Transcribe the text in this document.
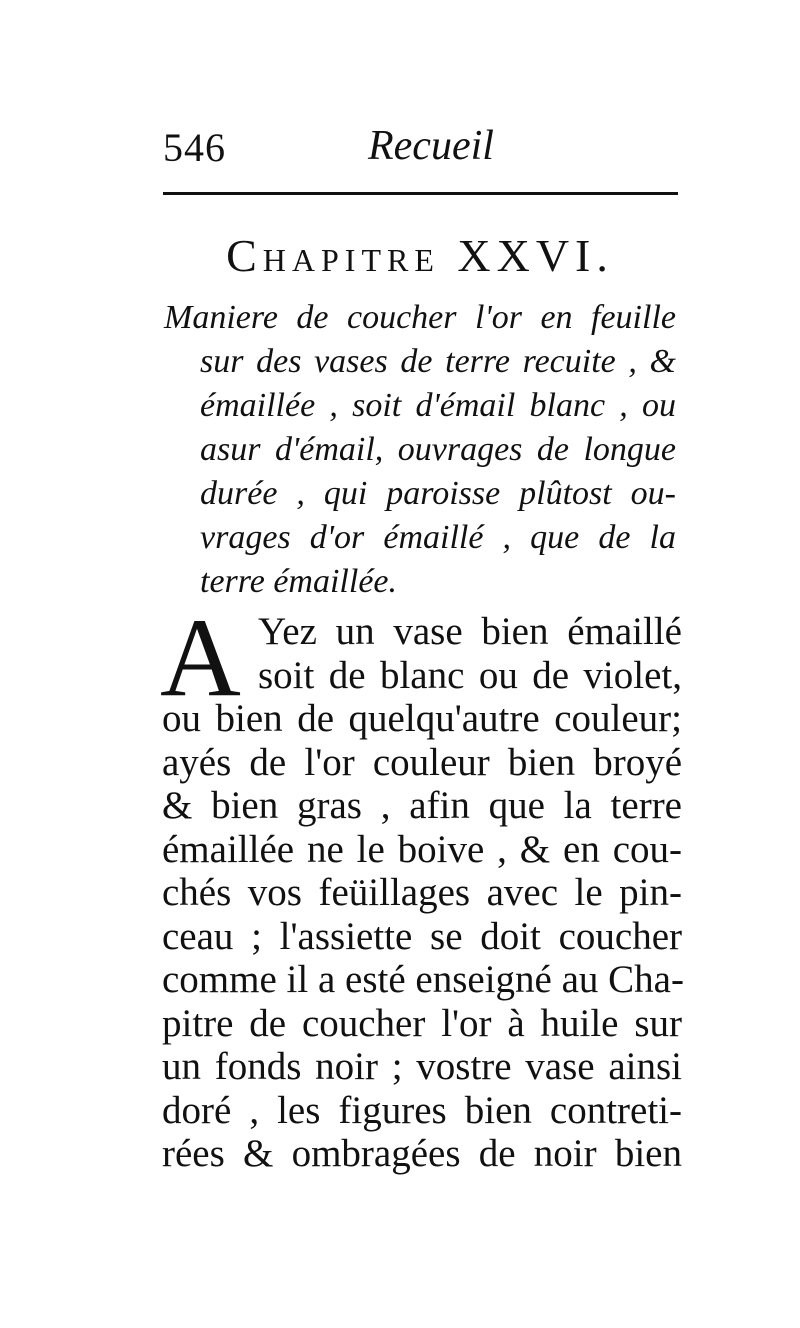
546	Recueil
Chapitre XXVI.
Maniere de coucher l'or en feuille
sur des vases de terre recuite , &
émaillée , soit d'émail blanc , ou
asur d'émail, ouvrages de longue
durée , qui paroisse plûtost ou-
vrages d'or émaillé , que de la
terre émaillée.
A Yez un vase bien émaillé
soit de blanc ou de violet,
ou bien de quelqu'autre couleur;
ayés de l'or couleur bien broyé
& bien gras , afin que la terre
émaillée ne le boive , & en cou-
chés vos feüillages avec le pin-
ceau ; l'assiette se doit coucher
comme il a esté enseigné au Cha-
pitre de coucher l'or à huile sur
un fonds noir ; vostre vase ainsi
doré , les figures bien contreti-
rées & ombragées de noir bien
